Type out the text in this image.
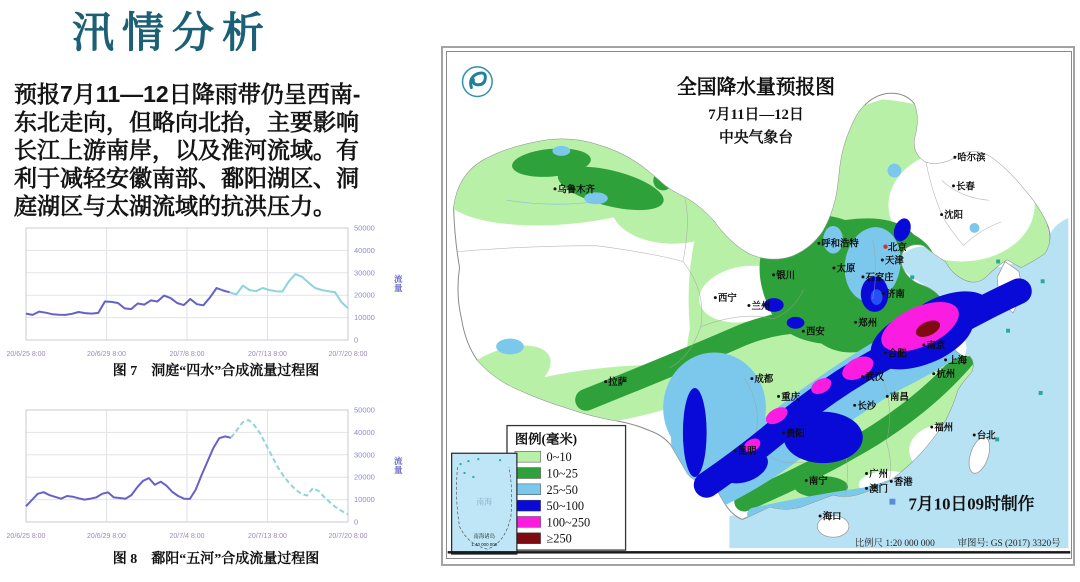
汛情分析
预报7月11—12日降雨带仍呈西南-
东北走向，但略向北抬，主要影响
长江上游南岸，以及淮河流域。有
利于减轻安徽南部、鄱阳湖区、洞
庭湖区与太湖流域的抗洪压力。
0
10000
20000
30000
40000
50000
流量
20/6/25 8:00	20/6/29 8:00	20/7/8 8:00	20/7/13 8:00	20/7/20 8:00
图 7　洞庭“四水”合成流量过程图
0
10000
20000
30000
40000
50000
流量
20/6/25 8:00	20/6/29 8:00	20/7/4 8:00	20/7/13 8:00	20/7/20 8:00
图 8　鄱阳“五河”合成流量过程图
全国降水量预报图
7月11日—12日
中央气象台
乌鲁木齐
哈尔滨
长春
沈阳
呼和浩特	北京
天津
银川
太原
石家庄
济南
西宁
兰州
郑州
西安
拉萨	成都
重庆
合肥
南京
上海
杭州
武汉
南昌
长沙
贵阳
昆明
福州
台北
南宁
广州
香港
澳门
海口
图例(毫米)
0~10
10~25
25~50
50~100
100~250
≥250
南海
南海诸岛
1:40 000 000
7月10日09时制作
比例尺 1:20 000 000 审图号: GS (2017) 3320号
